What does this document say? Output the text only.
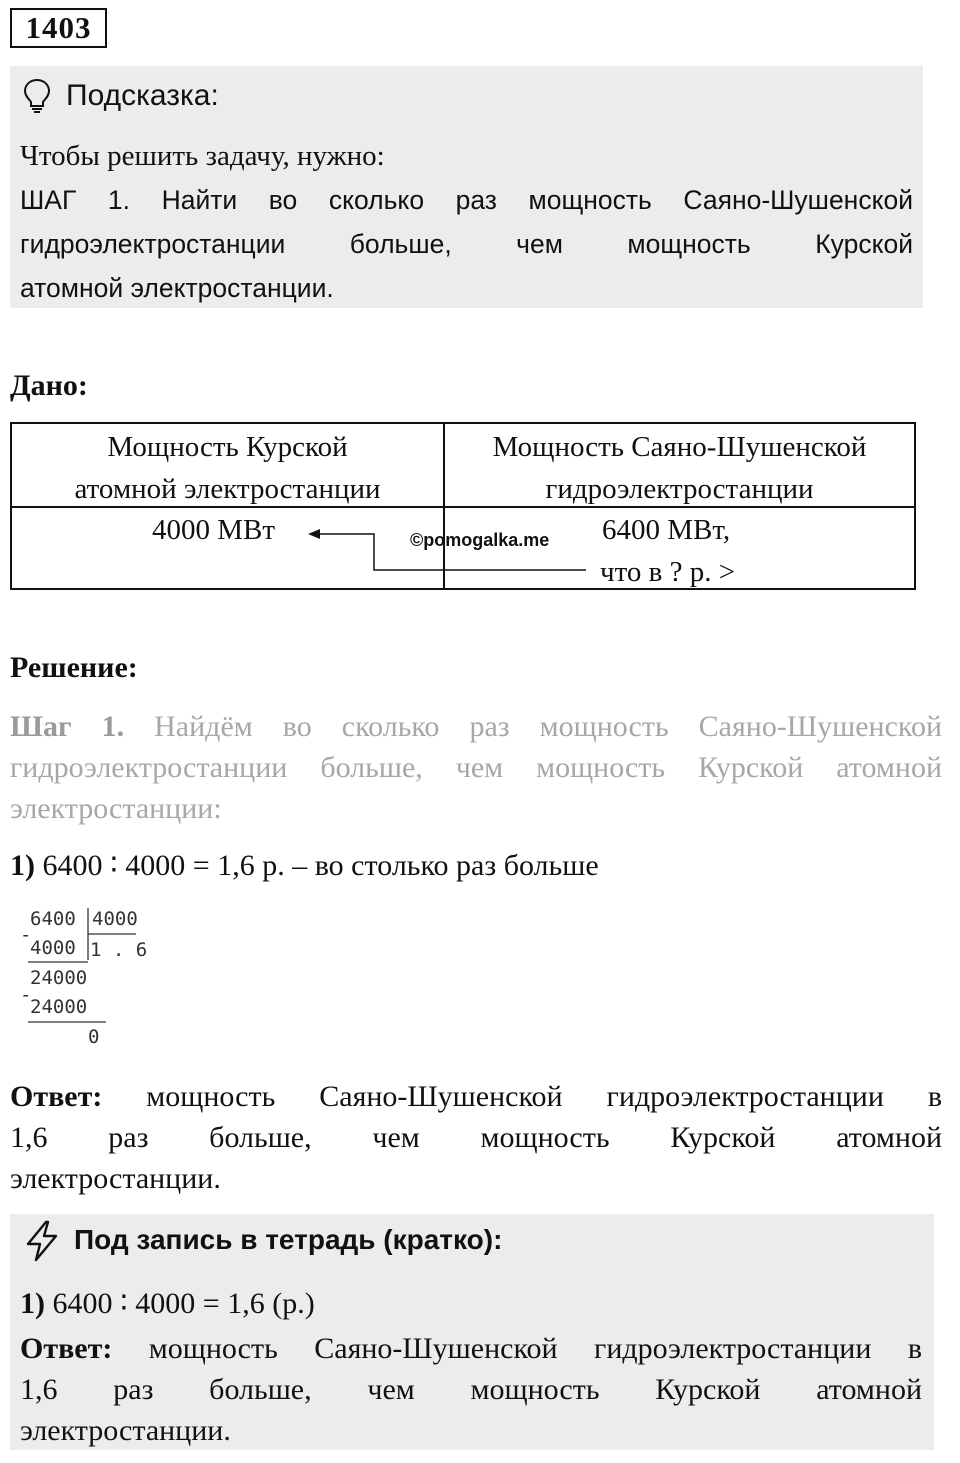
1403
Подсказка:
Чтобы решить задачу, нужно:
ШАГ 1. Найти во сколько раз мощность Саяно-Шушенской
гидроэлектростанции больше, чем мощность Курской
атомной электростанции.
Дано:
Мощность Курской
атомной электростанции
Мощность Саяно-Шушенской
гидроэлектростанции
4000 МВт	6400 МВт,
что в ? р. >
©pomogalka.me
Решение:
Шаг 1. Найдём во сколько раз мощность Саяно-Шушенской
гидроэлектростанции больше, чем мощность Курской атомной
электростанции:
1) 6400 ∶ 4000 = 1,6 р. – во столько раз больше
6400 4000
-
4000 1 . 6
24000
-
24000
0
Ответ: мощность Саяно-Шушенской гидроэлектростанции в
1,6 раз больше, чем мощность Курской атомной
электростанции.
Под запись в тетрадь (кратко):
1) 6400 ∶ 4000 = 1,6 (р.)
Ответ: мощность Саяно-Шушенской гидроэлектростанции в
1,6 раз больше, чем мощность Курской атомной
электростанции.
